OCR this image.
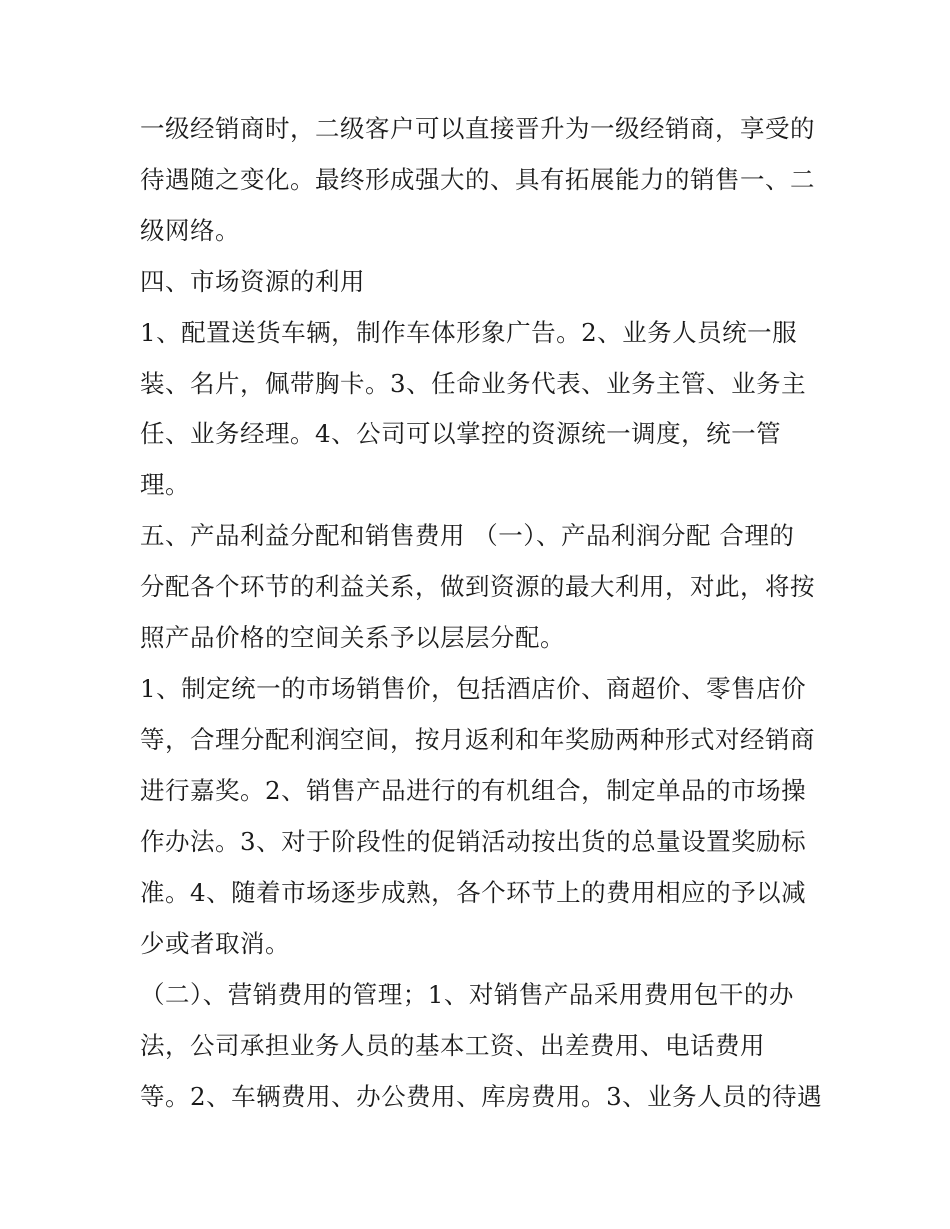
一级经销商时，二级客户可以直接晋升为一级经销商，享受的
待遇随之变化。最终形成强大的、具有拓展能力的销售一、二
级网络。
四、市场资源的利用
1、配置送货车辆，制作车体形象广告。2、业务人员统一服
装、名片，佩带胸卡。3、任命业务代表、业务主管、业务主
任、业务经理。4、公司可以掌控的资源统一调度，统一管
理。
五、产品利益分配和销售费用 （一）、产品利润分配 合理的
分配各个环节的利益关系，做到资源的最大利用，对此，将按
照产品价格的空间关系予以层层分配。
1、制定统一的市场销售价，包括酒店价、商超价、零售店价
等，合理分配利润空间，按月返利和年奖励两种形式对经销商
进行嘉奖。2、销售产品进行的有机组合，制定单品的市场操
作办法。3、对于阶段性的促销活动按出货的总量设置奖励标
准。4、随着市场逐步成熟，各个环节上的费用相应的予以减
少或者取消。
（二）、营销费用的管理；1、对销售产品采用费用包干的办
法，公司承担业务人员的基本工资、出差费用、电话费用
等。2、车辆费用、办公费用、库房费用。3、业务人员的待遇
